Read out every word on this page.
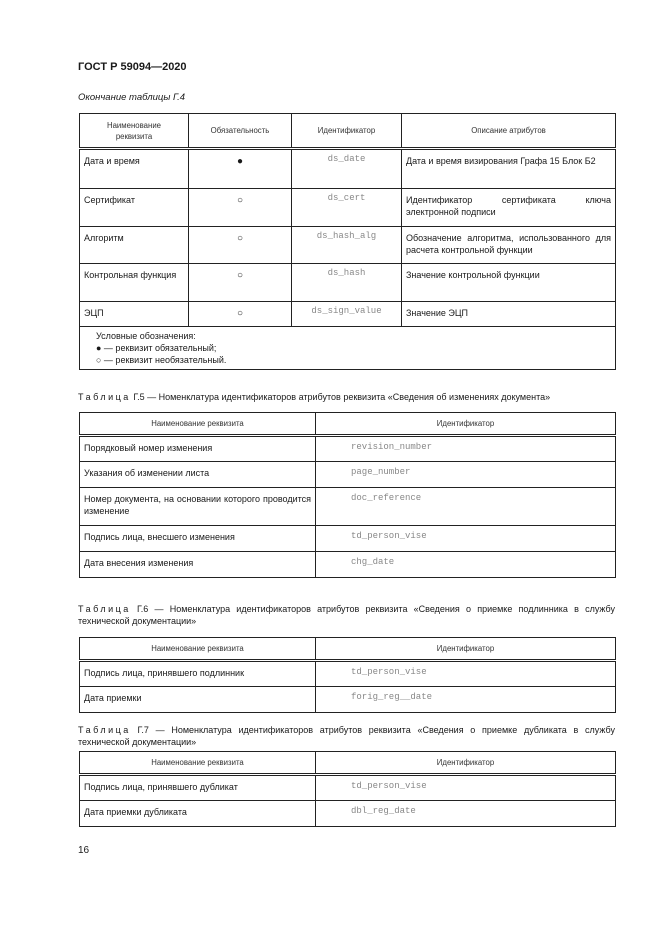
ГОСТ Р 59094—2020
Окончание таблицы Г.4
Наименование реквизита	Обязательность	Идентификатор	Описание атрибутов
Дата и время	●	ds_date	Дата и время визирования Графа 15 Блок Б2
Сертификат	○	ds_cert	Идентификатор сертификата ключа электронной подписи
Алгоритм	○	ds_hash_alg	Обозначение алгоритма, использованного для расчета контрольной функции
Контрольная функция	○	ds_hash	Значение контрольной функции
ЭЦП	○	ds_sign_value	Значение ЭЦП

Условные обозначения:
● — реквизит обязательный;
○ — реквизит необязательный.			
Таблица Г.5 — Номенклатура идентификаторов атрибутов реквизита «Сведения об изменениях документа»
Наименование реквизита	Идентификатор
Порядковый номер изменения	revision_number
Указания об изменении листа	page_number
Номер документа, на основании которого проводится изменение	doc_reference
Подпись лица, внесшего изменения	td_person_vise
Дата внесения изменения	chg_date
Таблица Г.6 — Номенклатура идентификаторов атрибутов реквизита «Сведения о приемке подлинника в службу технической документации»
Наименование реквизита	Идентификатор
Подпись лица, принявшего подлинник	td_person_vise
Дата приемки	forig_reg__date
Таблица Г.7 — Номенклатура идентификаторов атрибутов реквизита «Сведения о приемке дубликата в службу технической документации»
Наименование реквизита	Идентификатор
Подпись лица, принявшего дубликат	td_person_vise
Дата приемки дубликата	dbl_reg_date
16
